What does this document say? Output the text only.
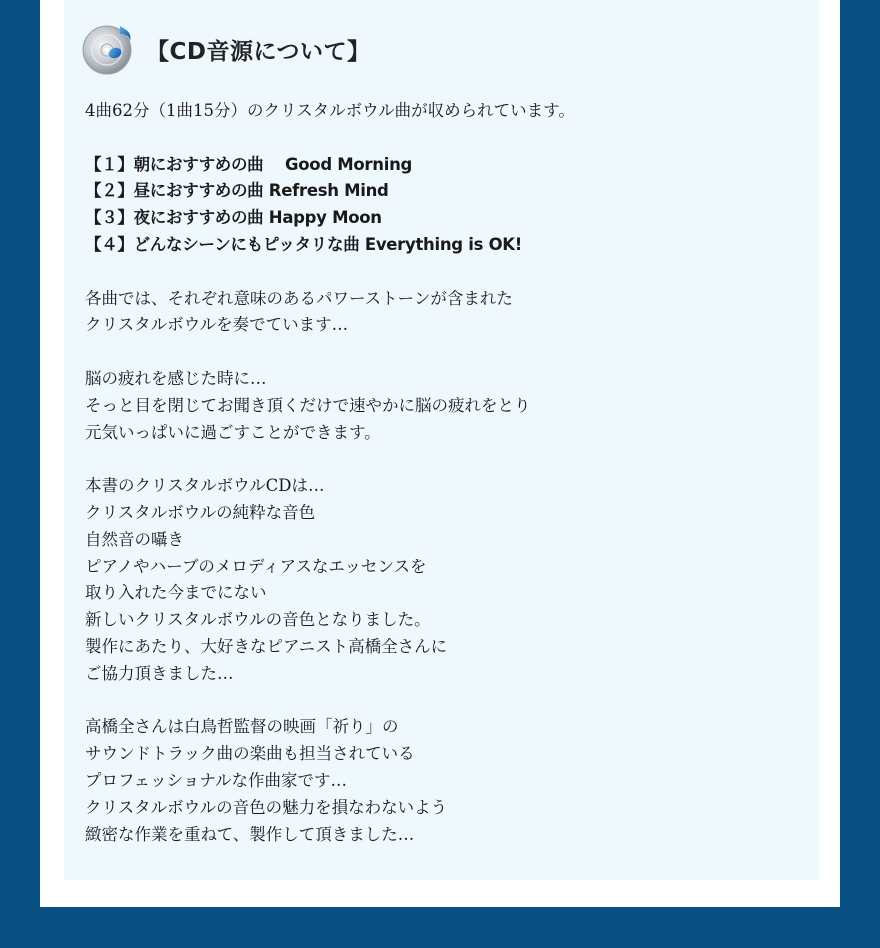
【CD音源について】
4曲62分（1曲15分）のクリスタルボウル曲が収められています。
【１】朝におすすめの曲　 Good Morning
【２】昼におすすめの曲 Refresh Mind
【３】夜におすすめの曲 Happy Moon
【４】どんなシーンにもピッタリな曲 Everything is OK!
各曲では、それぞれ意味のあるパワーストーンが含まれた
クリスタルボウルを奏でています…
脳の疲れを感じた時に…
そっと目を閉じてお聞き頂くだけで速やかに脳の疲れをとり
元気いっぱいに過ごすことができます。
本書のクリスタルボウルCDは…
クリスタルボウルの純粋な音色
自然音の囁き
ピアノやハーブのメロディアスなエッセンスを
取り入れた今までにない
新しいクリスタルボウルの音色となりました。
製作にあたり、大好きなピアニスト高橋全さんに
ご協力頂きました…
高橋全さんは白鳥哲監督の映画「祈り」の
サウンドトラック曲の楽曲も担当されている
プロフェッショナルな作曲家です…
クリスタルボウルの音色の魅力を損なわないよう
緻密な作業を重ねて、製作して頂きました…
